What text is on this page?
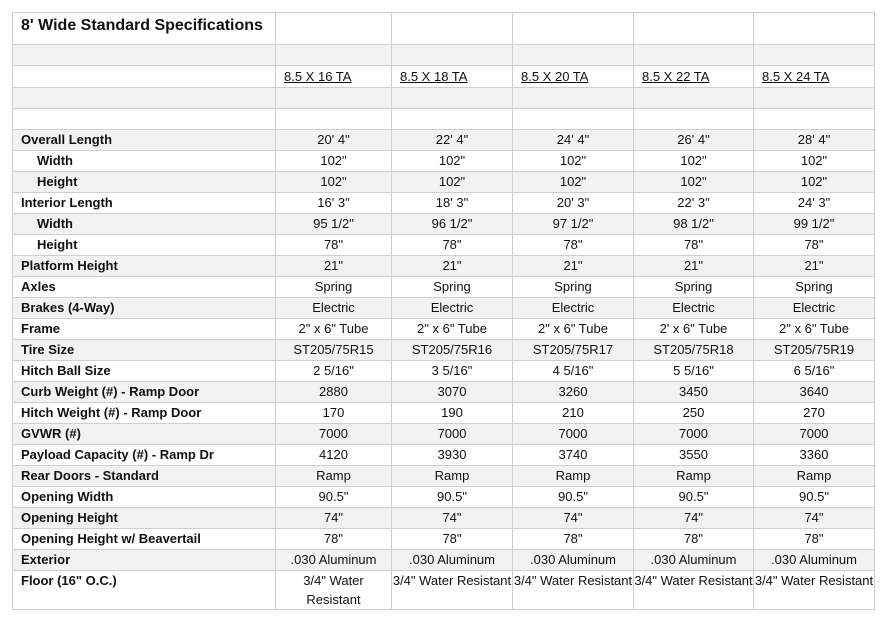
8' Wide Standard Specifications					

	8.5 X 16 TA	8.5 X 18 TA	8.5 X 20 TA	8.5 X 22 TA	8.5 X 24 TA

Overall Length	20' 4"	22' 4"	24' 4"	26' 4"	28' 4"
Width	102"	102"	102"	102"	102"
Height	102"	102"	102"	102"	102"
Interior Length	16' 3"	18' 3"	20' 3"	22' 3"	24' 3"
Width	95 1/2"	96 1/2"	97 1/2"	98 1/2"	99 1/2"
Height	78"	78"	78"	78"	78"
Platform Height	21"	21"	21"	21"	21"
Axles	Spring	Spring	Spring	Spring	Spring
Brakes (4-Way)	Electric	Electric	Electric	Electric	Electric
Frame	2" x 6" Tube	2" x 6" Tube	2" x 6" Tube	2' x 6" Tube	2" x 6" Tube
Tire Size	ST205/75R15	ST205/75R16	ST205/75R17	ST205/75R18	ST205/75R19
Hitch Ball Size	2 5/16"	3 5/16"	4 5/16"	5 5/16"	6 5/16"
Curb Weight (#) - Ramp Door	2880	3070	3260	3450	3640
Hitch Weight (#) - Ramp Door	170	190	210	250	270
GVWR (#)	7000	7000	7000	7000	7000
Payload Capacity (#) - Ramp Dr	4120	3930	3740	3550	3360
Rear Doors - Standard	Ramp	Ramp	Ramp	Ramp	Ramp
Opening Width	90.5"	90.5"	90.5"	90.5"	90.5"
Opening Height	74"	74"	74"	74"	74"
Opening Height w/ Beavertail	78"	78"	78"	78"	78"
Exterior	.030 Aluminum	.030 Aluminum	.030 Aluminum	.030 Aluminum	.030 Aluminum
Floor (16" O.C.)	3/4" Water Resistant	3/4" Water Resistant	3/4" Water Resistant	3/4" Water Resistant	3/4" Water Resistant
